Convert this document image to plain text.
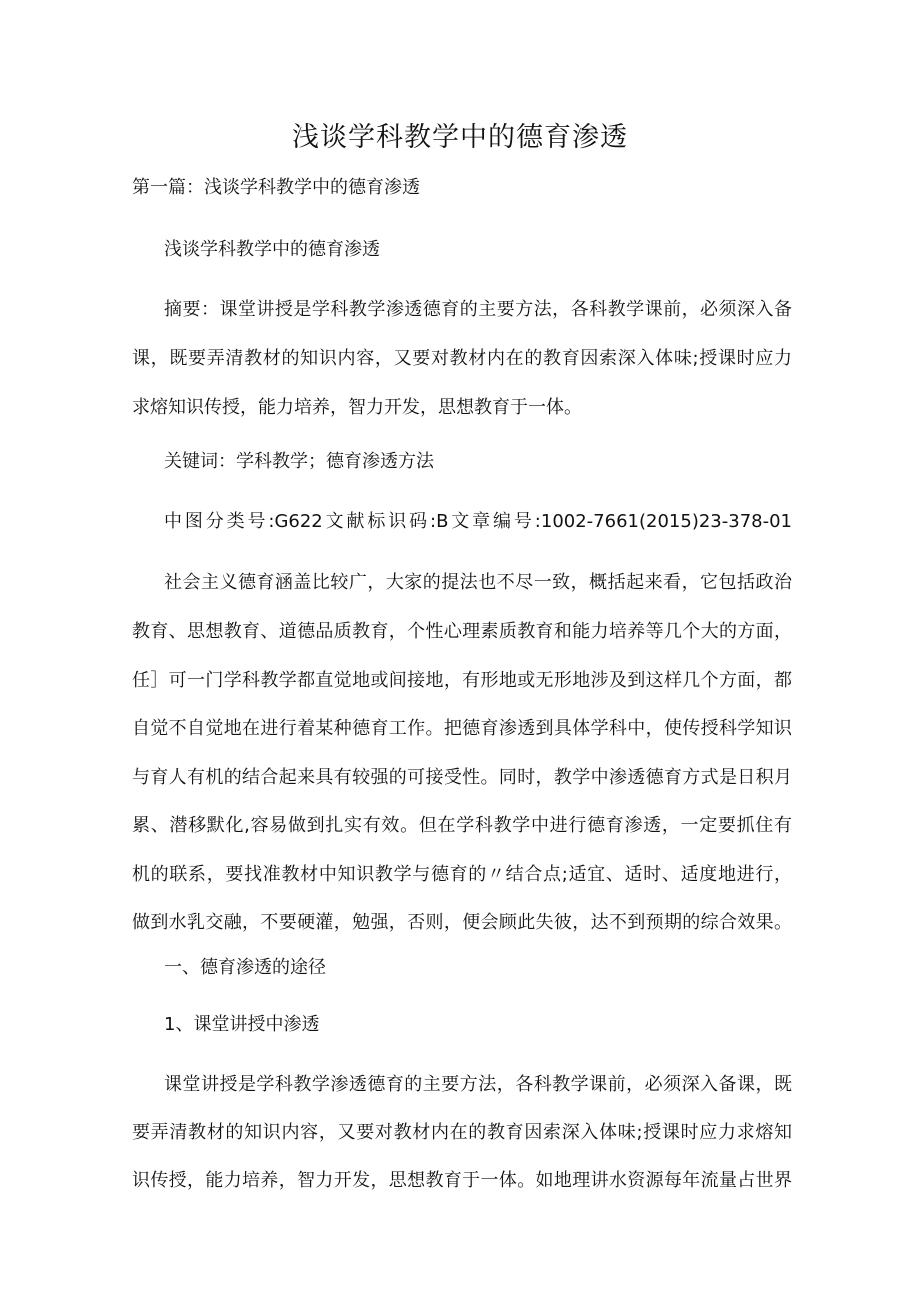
浅谈学科教学中的德育渗透
第一篇：浅谈学科教学中的德育渗透
浅谈学科教学中的德育渗透
摘要：课堂讲授是学科教学渗透德育的主要方法，各科教学课前，必须深入备
课，既要弄清教材的知识内容，又要对教材内在的教育因索深入体味;授课时应力
求熔知识传授，能力培养，智力开发，思想教育于一体。
关键词：学科教学；德育渗透方法
中图分类号:G622文献标识码:B文章编号:1002-7661(2015)23-378-01
社会主义德育涵盖比较广，大家的提法也不尽一致，概括起来看，它包括政治
教育、思想教育、道德品质教育，个性心理素质教育和能力培养等几个大的方面，
任］可一门学科教学都直觉地或间接地，有形地或无形地涉及到这样几个方面，都
自觉不自觉地在进行着某种德育工作。把德育渗透到具体学科中，使传授科学知识
与育人有机的结合起来具有较强的可接受性。同时，教学中渗透德育方式是日积月
累、潜移默化,容易做到扎实有效。但在学科教学中进行德育渗透，一定要抓住有
机的联系，要找准教材中知识教学与德育的〃结合点;适宜、适时、适度地进行，
做到水乳交融，不要硬灌，勉强，否则，便会顾此失彼，达不到预期的综合效果。
一、德育渗透的途径
1、课堂讲授中渗透
课堂讲授是学科教学渗透德育的主要方法，各科教学课前，必须深入备课，既
要弄清教材的知识内容，又要对教材内在的教育因索深入体味;授课时应力求熔知
识传授，能力培养，智力开发，思想教育于一体。如地理讲水资源每年流量占世界
